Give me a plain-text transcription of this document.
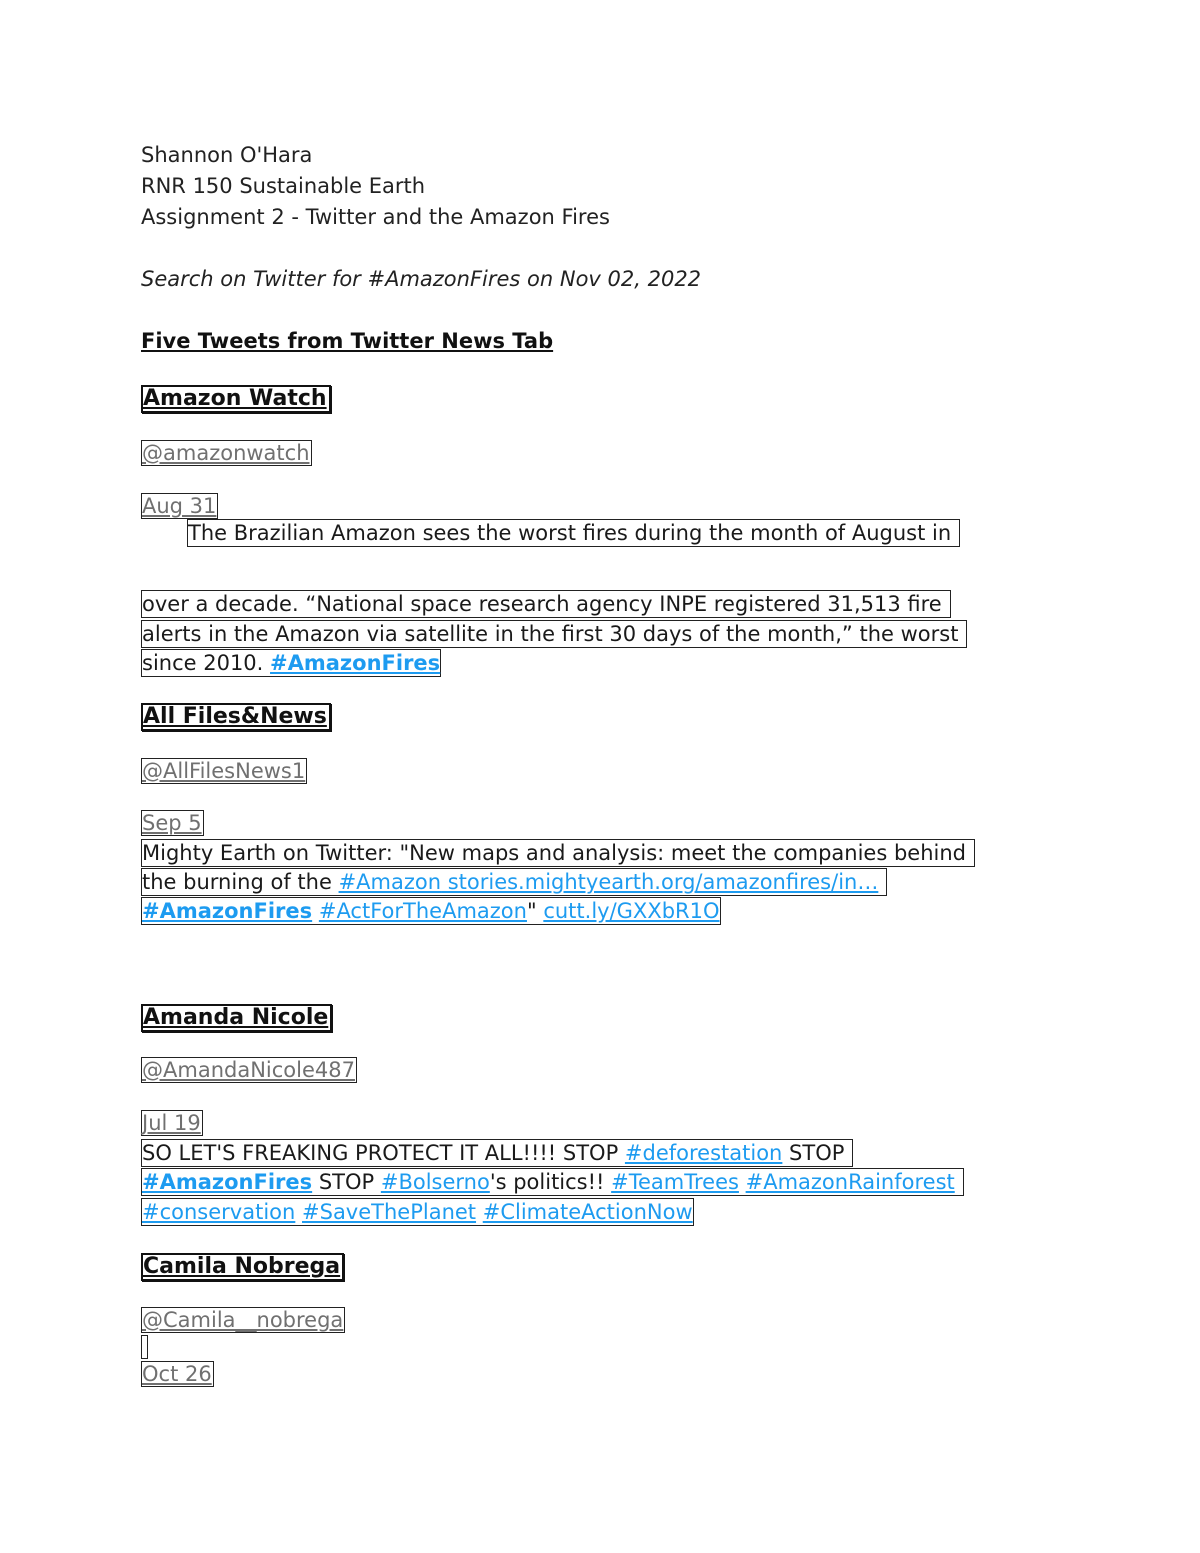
Shannon O'Hara
RNR 150 Sustainable Earth
Assignment 2 - Twitter and the Amazon Fires
Search on Twitter for #AmazonFires on Nov 02, 2022
Five Tweets from Twitter News Tab
Amazon Watch
@amazonwatch
Aug 31
The Brazilian Amazon sees the worst fires during the month of August in
over a decade. “National space research agency INPE registered 31,513 fire
alerts in the Amazon via satellite in the first 30 days of the month,” the worst
since 2010. #AmazonFires
All Files&News
@AllFilesNews1
Sep 5
Mighty Earth on Twitter: "New maps and analysis: meet the companies behind
the burning of the #Amazon stories.mightyearth.org/amazonfires/in…
#AmazonFires #ActForTheAmazon" cutt.ly/GXXbR1O
Amanda Nicole
@AmandaNicole487
Jul 19
SO LET'S FREAKING PROTECT IT ALL!!!! STOP #deforestation STOP
#AmazonFires STOP #Bolserno's politics!! #TeamTrees #AmazonRainforest
#conservation #SaveThePlanet #ClimateActionNow
Camila Nobrega
@Camila__nobrega
Oct 26
